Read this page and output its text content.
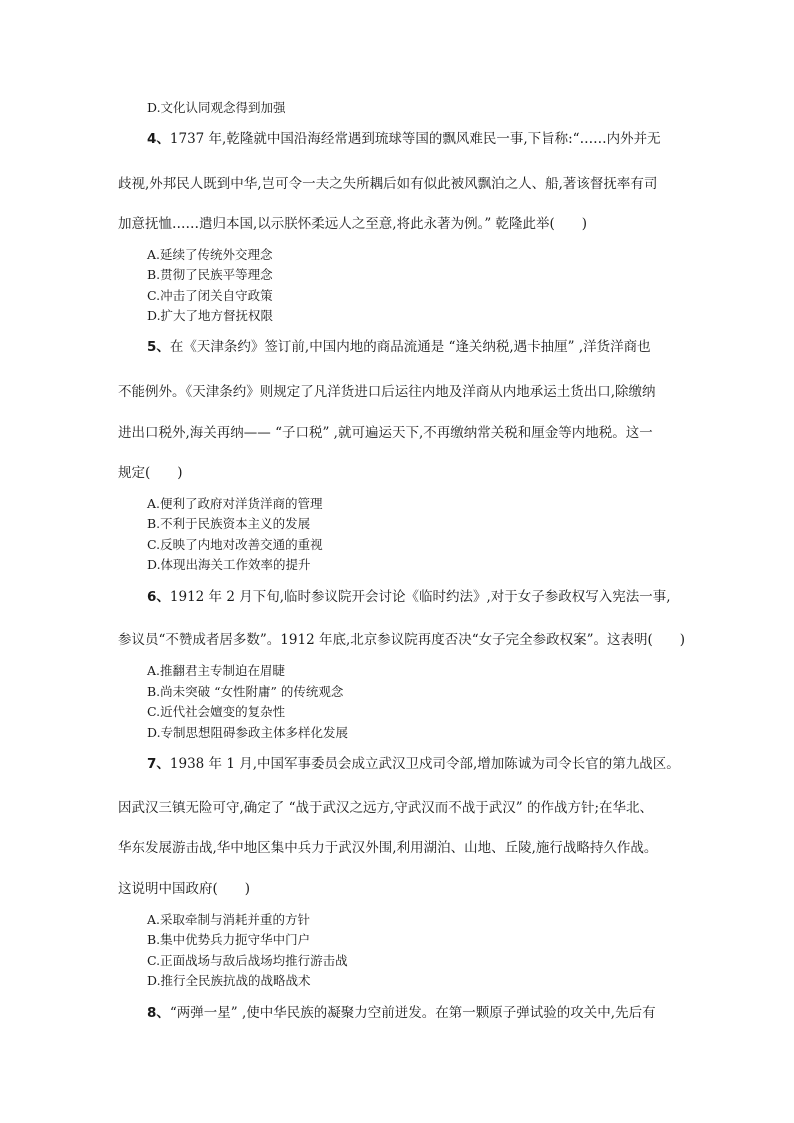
D.文化认同观念得到加强
4、1737 年,乾隆就中国沿海经常遇到琉球等国的飘风难民一事,下旨称:“……内外并无
歧视,外邦民人既到中华,岂可令一夫之失所耦后如有似此被风飘泊之人、船,著该督抚率有司
加意抚恤……遣归本国,以示朕怀柔远人之至意,将此永著为例。” 乾隆此举(　　)
A.延续了传统外交理念
B.贯彻了民族平等理念
C.冲击了闭关自守政策
D.扩大了地方督抚权限
5、在《天津条约》签订前,中国内地的商品流通是 “逢关纳税,遇卡抽厘” ,洋货洋商也
不能例外。《天津条约》则规定了凡洋货进口后运往内地及洋商从内地承运土货出口,除缴纳
进出口税外,海关再纳—— “子口税” ,就可遍运天下,不再缴纳常关税和厘金等内地税。这一
规定(　　)
A.便利了政府对洋货洋商的管理
B.不利于民族资本主义的发展
C.反映了内地对改善交通的重视
D.体现出海关工作效率的提升
6、1912 年 2 月下旬,临时参议院开会讨论《临时约法》,对于女子参政权写入宪法一事,
参议员“不赞成者居多数”。1912 年底,北京参议院再度否决“女子完全参政权案”。这表明(　　)
A.推翻君主专制迫在眉睫
B.尚未突破 “女性附庸” 的传统观念
C.近代社会嬗变的复杂性
D.专制思想阻碍参政主体多样化发展
7、1938 年 1 月,中国军事委员会成立武汉卫戍司令部,增加陈诚为司令长官的第九战区。
因武汉三镇无险可守,确定了 “战于武汉之远方,守武汉而不战于武汉” 的作战方针;在华北、
华东发展游击战,华中地区集中兵力于武汉外围,利用湖泊、山地、丘陵,施行战略持久作战。
这说明中国政府(　　)
A.采取牵制与消耗并重的方针
B.集中优势兵力扼守华中门户
C.正面战场与敌后战场均推行游击战
D.推行全民族抗战的战略战术
8、“两弹一星” ,使中华民族的凝聚力空前迸发。在第一颗原子弹试验的攻关中,先后有
